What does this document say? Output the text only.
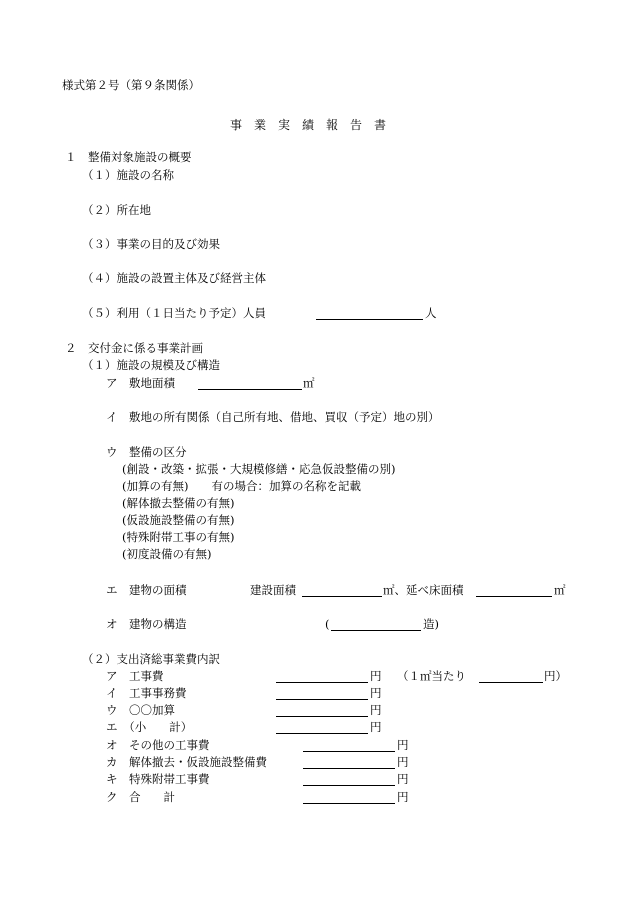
様式第２号（第９条関係）
事業実績報告書
１　整備対象施設の概要
（１）施設の名称
（２）所在地
（３）事業の目的及び効果
（４）施設の設置主体及び経営主体
（５）利用（１日当たり予定）人員	人
２　交付金に係る事業計画
（１）施設の規模及び構造
ア　敷地面積	㎡
イ　敷地の所有関係（自己所有地、借地、買収（予定）地の別）
ウ　整備の区分
(創設・改築・拡張・大規模修繕・応急仮設整備の別)
(加算の有無)　　有の場合：加算の名称を記載
(解体撤去整備の有無)
(仮設施設整備の有無)
(特殊附帯工事の有無)
(初度設備の有無)
エ　建物の面積	建設面積	㎡、延べ床面積	㎡
オ　建物の構造	(	造)
（２）支出済総事業費内訳
ア　工事費	円 （１㎡当たり	円）
イ　工事事務費	円
ウ　〇〇加算	円
エ　（小　　計）	円
オ　その他の工事費	円
カ　解体撤去・仮設施設整備費	円
キ　特殊附帯工事費	円
ク　合　　計	円
